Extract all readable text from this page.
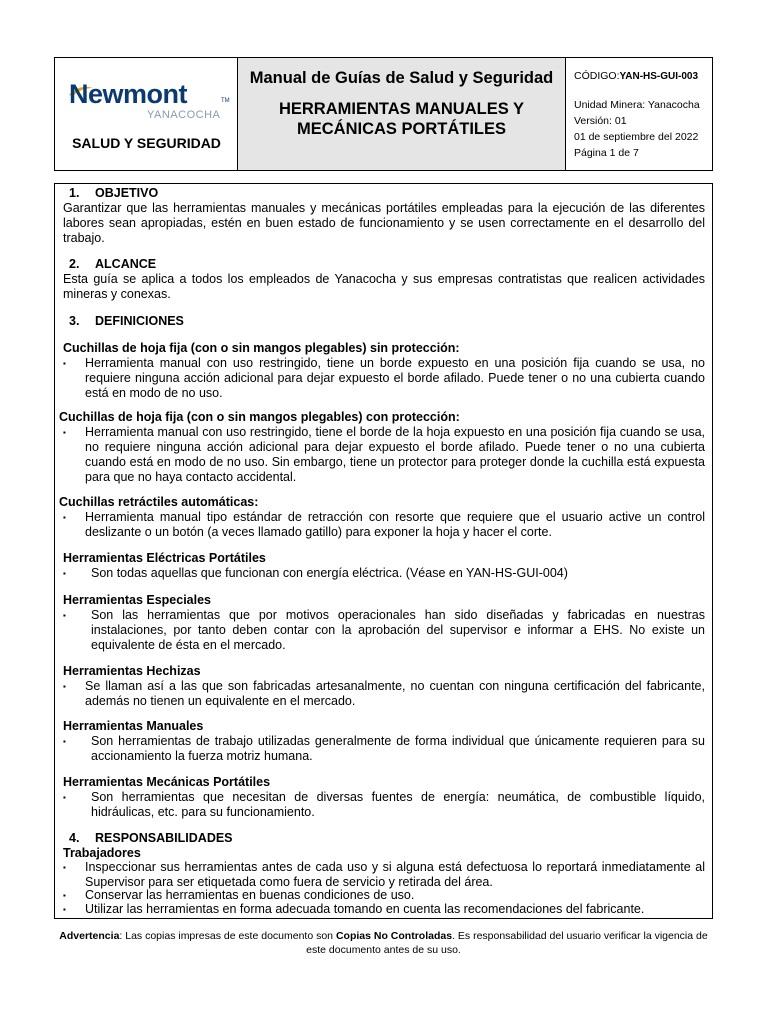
Newmont	TM
YANACOCHA
SALUD Y SEGURIDAD
Manual de Guías de Salud y Seguridad
HERRAMIENTAS MANUALES Y MECÁNICAS PORTÁTILES
CÓDIGO:YAN-HS-GUI-003
Unidad Minera: Yanacocha
Versión: 01
01 de septiembre del 2022
Página 1 de 7
1. OBJETIVO
Garantizar que las herramientas manuales y mecánicas portátiles empleadas para la ejecución de las diferentes labores sean apropiadas, estén en buen estado de funcionamiento y se usen correctamente en el desarrollo del trabajo.
2. ALCANCE
Esta guía se aplica a todos los empleados de Yanacocha y sus empresas contratistas que realicen actividades mineras y conexas.
3. DEFINICIONES
Cuchillas de hoja fija (con o sin mangos plegables) sin protección:
▪ Herramienta manual con uso restringido, tiene un borde expuesto en una posición fija cuando se usa, no requiere ninguna acción adicional para dejar expuesto el borde afilado. Puede tener o no una cubierta cuando está en modo de no uso.
Cuchillas de hoja fija (con o sin mangos plegables) con protección:
▪ Herramienta manual con uso restringido, tiene el borde de la hoja expuesto en una posición fija cuando se usa, no requiere ninguna acción adicional para dejar expuesto el borde afilado. Puede tener o no una cubierta cuando está en modo de no uso. Sin embargo, tiene un protector para proteger donde la cuchilla está expuesta para que no haya contacto accidental.
Cuchillas retráctiles automáticas:
▪ Herramienta manual tipo estándar de retracción con resorte que requiere que el usuario active un control deslizante o un botón (a veces llamado gatillo) para exponer la hoja y hacer el corte.
Herramientas Eléctricas Portátiles
▪ Son todas aquellas que funcionan con energía eléctrica. (Véase en YAN-HS-GUI-004)
Herramientas Especiales
▪ Son las herramientas que por motivos operacionales han sido diseñadas y fabricadas en nuestras instalaciones, por tanto deben contar con la aprobación del supervisor e informar a EHS. No existe un equivalente de ésta en el mercado.
Herramientas Hechizas
▪ Se llaman así a las que son fabricadas artesanalmente, no cuentan con ninguna certificación del fabricante, además no tienen un equivalente en el mercado.
Herramientas Manuales
▪ Son herramientas de trabajo utilizadas generalmente de forma individual que únicamente requieren para su accionamiento la fuerza motriz humana.
Herramientas Mecánicas Portátiles
▪ Son herramientas que necesitan de diversas fuentes de energía: neumática, de combustible líquido, hidráulicas, etc. para su funcionamiento.
4. RESPONSABILIDADES
Trabajadores
▪ Inspeccionar sus herramientas antes de cada uso y si alguna está defectuosa lo reportará inmediatamente al Supervisor para ser etiquetada como fuera de servicio y retirada del área.
▪ Conservar las herramientas en buenas condiciones de uso.
▪ Utilizar las herramientas en forma adecuada tomando en cuenta las recomendaciones del fabricante.
Advertencia: Las copias impresas de este documento son Copias No Controladas. Es responsabilidad del usuario verificar la vigencia de este documento antes de su uso.
